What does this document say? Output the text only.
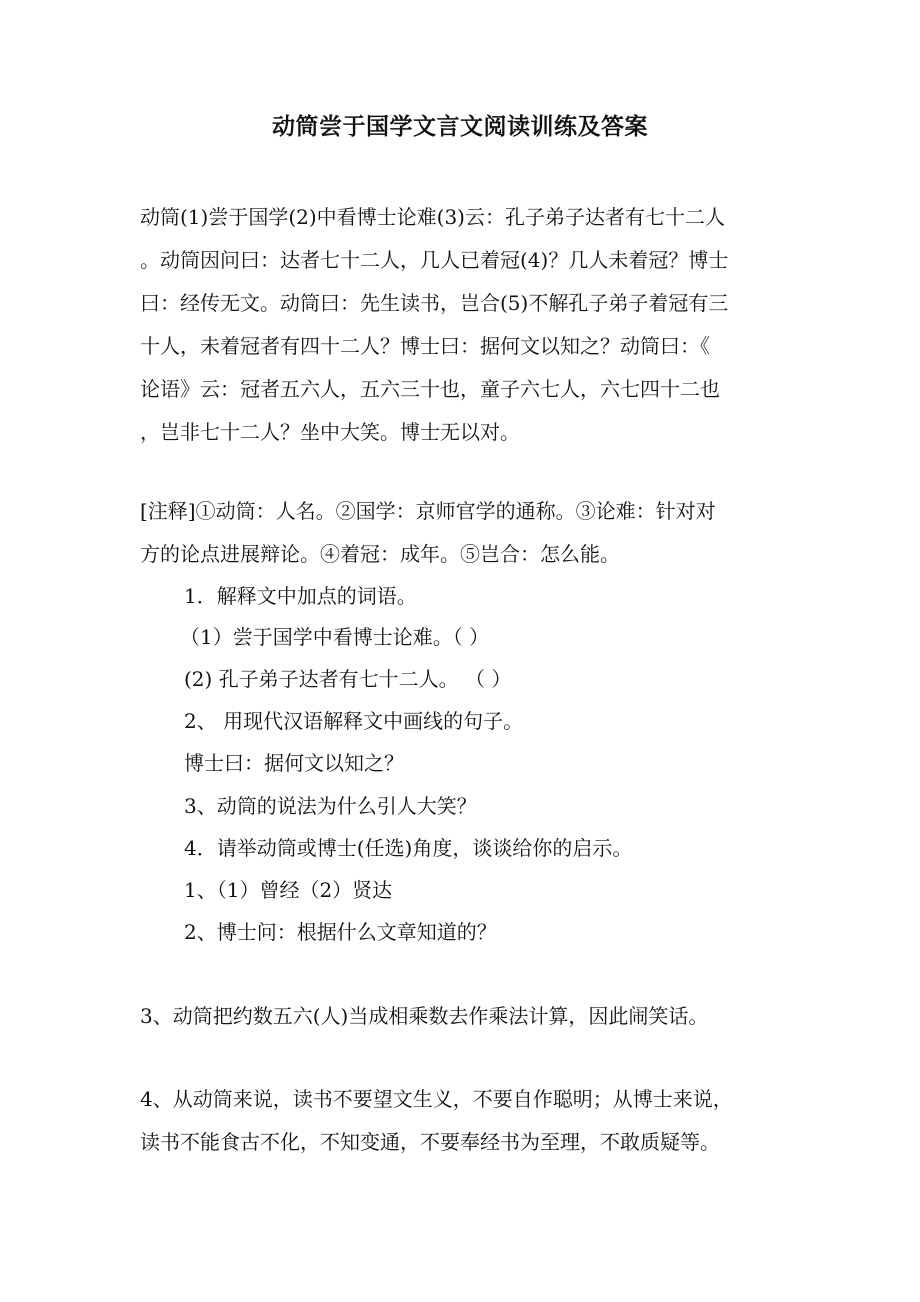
动筒尝于国学文言文阅读训练及答案
动筒(1)尝于国学(2)中看博士论难(3)云：孔子弟子达者有七十二人
。动筒因问曰：达者七十二人，几人已着冠(4)？几人未着冠？博士
曰：经传无文。动筒曰：先生读书，岂合(5)不解孔子弟子着冠有三
十人，未着冠者有四十二人？博士曰：据何文以知之？动筒曰：《
论语》云：冠者五六人，五六三十也，童子六七人，六七四十二也
，岂非七十二人？坐中大笑。博士无以对。
[注释]①动筒：人名。②国学：京师官学的通称。③论难：针对对
方的论点进展辩论。④着冠：成年。⑤岂合：怎么能。
1．解释文中加点的词语。
（1）尝于国学中看博士论难。（ ）
(2) 孔子弟子达者有七十二人。 （ ）
2、 用现代汉语解释文中画线的句子。
博士曰：据何文以知之？
3、动筒的说法为什么引人大笑？
4．请举动筒或博士(任选)角度，谈谈给你的启示。
1、（1）曾经（2）贤达
2、博士问：根据什么文章知道的？
3、动筒把约数五六(人)当成相乘数去作乘法计算，因此闹笑话。
4、从动筒来说，读书不要望文生义，不要自作聪明；从博士来说，
读书不能食古不化，不知变通，不要奉经书为至理，不敢质疑等。
